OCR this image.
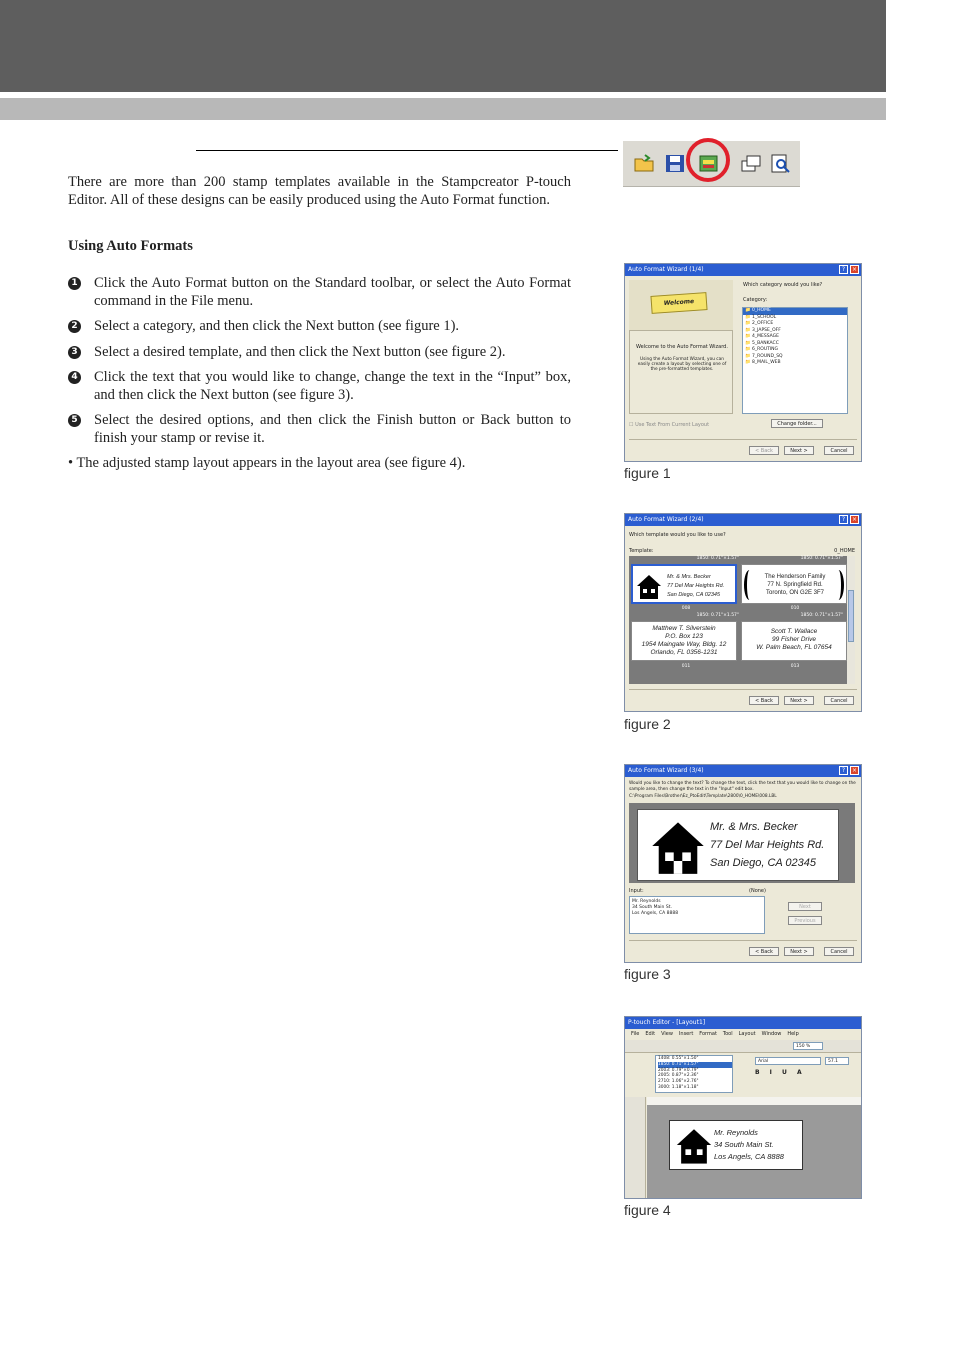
There are more than 200 stamp templates available in the Stampcreator P-touch Editor. All of these designs can be easily produced using the Auto Format function.
Using Auto Formats
1 Click the Auto Format button on the Standard toolbar, or select the Auto Format command in the File menu.
2 Select a category, and then click the Next button (see figure 1).
3 Select a desired template, and then click the Next button (see figure 2).
4 Click the text that you would like to change, change the text in the “Input” box, and then click the Next button (see figure 3).
5 Select the desired options, and then click the Finish button or Back button to finish your stamp or revise it.
• The adjusted stamp layout appears in the layout area (see figure 4).
Auto Format Wizard (1/4)	?	×
Welcome
Welcome to the Auto Format Wizard.
Using the Auto Format Wizard, you can easily create a layout by selecting one of the pre-formatted templates.
Which category would you like?
Category:
📁 0_HOME
📁 1_SCHOOL
📁 2_OFFICE
📁 3_JAPSE_OFF
📁 4_MESSAGE
📁 5_BANKACC
📁 6_ROUTING
📁 7_ROUND_SQ
📁 8_MAIL_WEB
☐ Use Text From Current Layout	Change folder...
< Back	Next >	Cancel
figure 1
Auto Format Wizard (2/4)	?	×
Which template would you like to use?
Template:	0_HOME
1850: 0.71"×1.57"	1850: 0.71"×1.57"
Mr. & Mrs. Becker
77 Del Mar Heights Rd.
San Diego, CA 02345
The Henderson Family
77 N. Springfield Rd.
Toronto, ON G2E 3F7
008	010
1850: 0.71"×1.57"	1850: 0.71"×1.57"
Matthew T. Silverstein
P.O. Box 123
1954 Maingate Way, Bldg. 12
Orlando, FL 0356-1231
Scott T. Wallace
99 Fisher Drive
W. Palm Beach, FL 07654
011	013
< Back	Next >	Cancel
figure 2
Auto Format Wizard (3/4)	?	×
Would you like to change the text? To change the text, click the text that you would like to change on the sample area, then change the text in the "Input" edit box.
C:\Program Files\Brother\Ez_PtoEdit\Template\2800\0_HOME\008.LBL
Mr. & Mrs. Becker
77 Del Mar Heights Rd.
San Diego, CA 02345
Input:	(None)
Mr. Reynolds
34 South Main St.
Los Angels, CA 8888
Next
Previous
< Back	Next >	Cancel
figure 3
P-touch Editor - [Layout1]
File Edit View Insert Format Tool Layout Window Help
150 %
1408: 0.55"×1.50"
1850: 0.71"×1.57"
2003: 0.79"×0.79"
2005: 0.87"×2.36"
2710: 1.06"×2.76"
3000: 1.18"×1.18"
Arial	57.1
B I U A
Mr. Reynolds
34 South Main St.
Los Angels, CA 8888
figure 4
